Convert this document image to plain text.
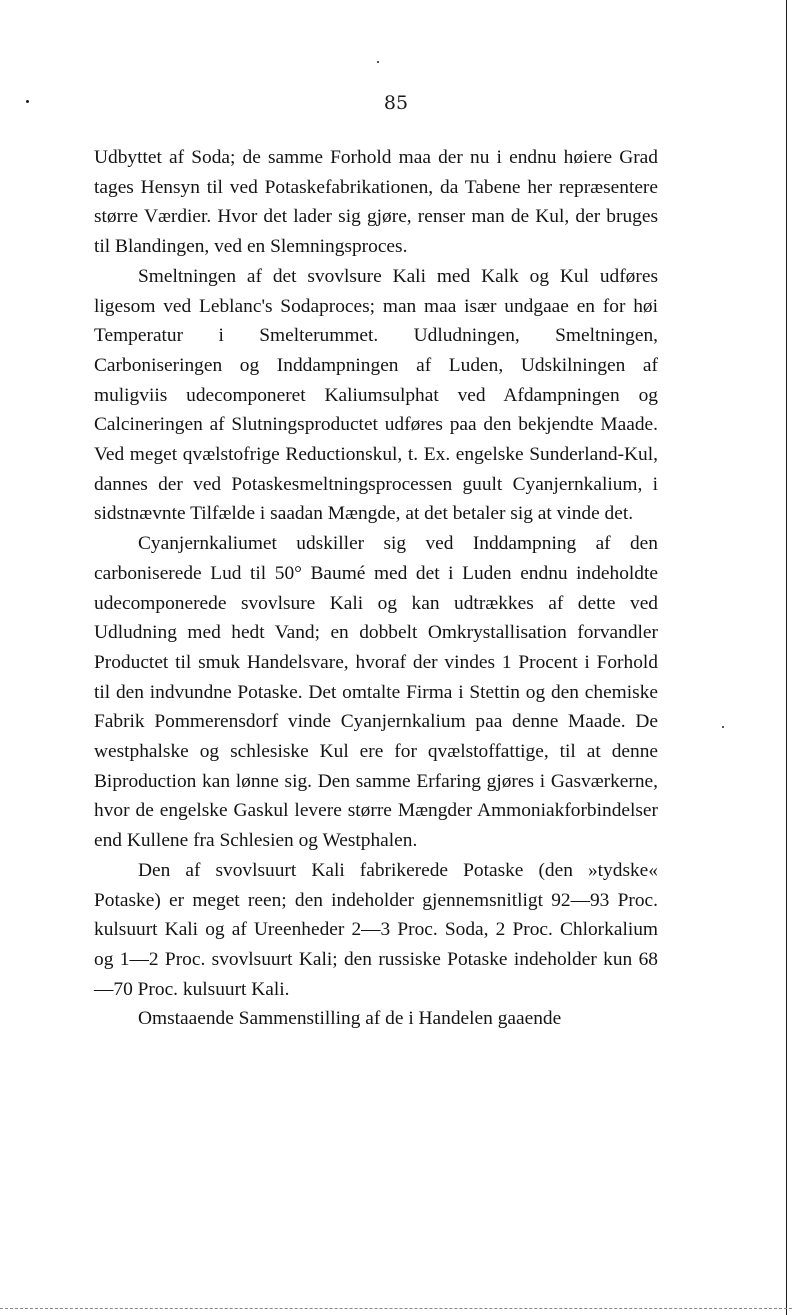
85

Udbyttet af Soda; de samme Forhold maa der nu i endnu høiere Grad tages Hensyn til ved Potaskefabrikationen, da Tabene her repræsentere større Værdier. Hvor det lader sig gjøre, renser man de Kul, der bruges til Blandingen, ved en Slemningsproces.

Smeltningen af det svovlsure Kali med Kalk og Kul udføres ligesom ved Leblanc's Sodaproces; man maa især undgaae en for høi Temperatur i Smelterummet. Udludningen, Smeltningen, Carboniseringen og Inddampningen af Luden, Udskilningen af muligviis udecomponeret Kaliumsulphat ved Afdampningen og Calcineringen af Slutningsproductet udføres paa den bekjendte Maade. Ved meget qvælstofrige Reductionskul, t. Ex. engelske Sunderland-Kul, dannes der ved Potaskesmeltningsprocessen guult Cyanjernkalium, i sidstnævnte Tilfælde i saadan Mængde, at det betaler sig at vinde det.

Cyanjernkaliumet udskiller sig ved Inddampning af den carboniserede Lud til 50° Baumé med det i Luden endnu indeholdte udecomponerede svovlsure Kali og kan udtrækkes af dette ved Udludning med hedt Vand; en dobbelt Omkrystallisation forvandler Productet til smuk Handelsvare, hvoraf der vindes 1 Procent i Forhold til den indvundne Potaske. Det omtalte Firma i Stettin og den chemiske Fabrik Pommerensdorf vinde Cyanjernkalium paa denne Maade. De westphalske og schlesiske Kul ere for qvælstoffattige, til at denne Biproduction kan lønne sig. Den samme Erfaring gjøres i Gasværkerne, hvor de engelske Gaskul levere større Mængder Ammoniakforbindelser end Kullene fra Schlesien og Westphalen.

Den af svovlsuurt Kali fabrikerede Potaske (den »tydske« Potaske) er meget reen; den indeholder gjennemsnitligt 92—93 Proc. kulsuurt Kali og af Ureenheder 2—3 Proc. Soda, 2 Proc. Chlorkalium og 1—2 Proc. svovlsuurt Kali; den russiske Potaske indeholder kun 68—70 Proc. kulsuurt Kali.

Omstaaende Sammenstilling af de i Handelen gaaende
